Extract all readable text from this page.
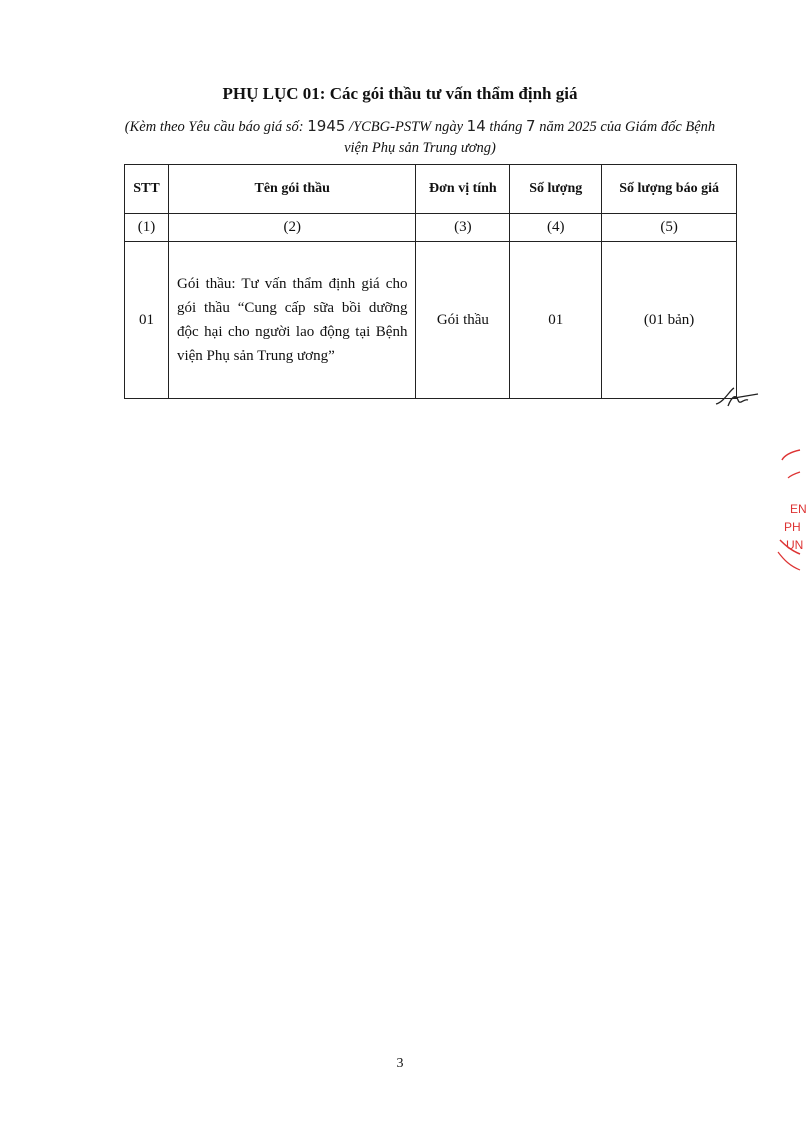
PHỤ LỤC 01: Các gói thầu tư vấn thẩm định giá
(Kèm theo Yêu cầu báo giá số: 1945 /YCBG-PSTW ngày 14 tháng 7 năm 2025 của Giám đốc Bệnh viện Phụ sản Trung ương)
STT	Tên gói thầu	Đơn vị tính	Số lượng	Số lượng báo giá
(1)	(2)	(3)	(4)	(5)
01	Gói thầu: Tư vấn thẩm định giá cho gói thầu “Cung cấp sữa bồi dưỡng độc hại cho người lao động tại Bệnh viện Phụ sản Trung ương”	Gói thầu	01	(01 bản)
EN
PH
UN
3
